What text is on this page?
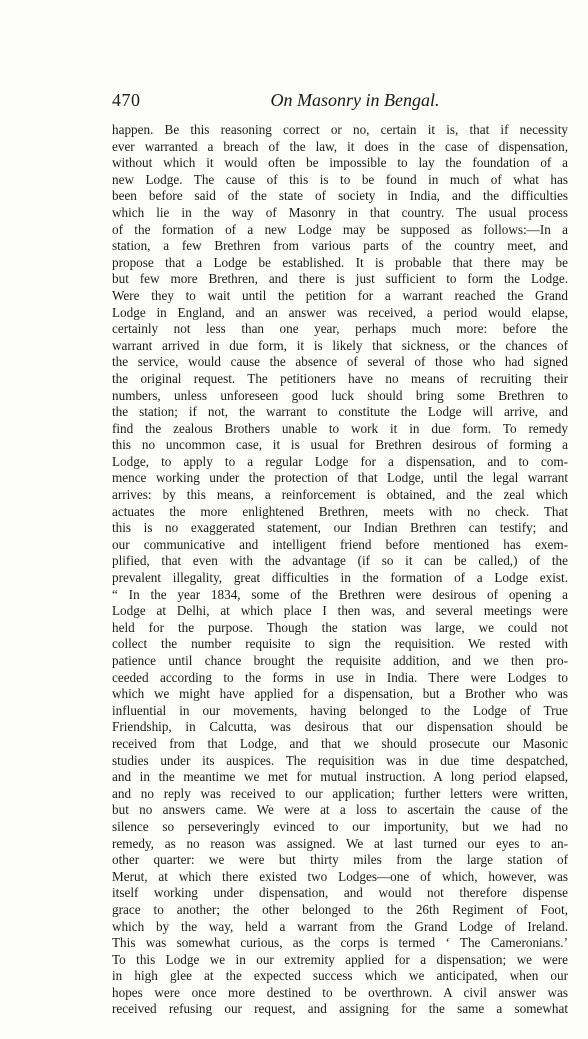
470	On Masonry in Bengal.
happen. Be this reasoning correct or no, certain it is, that if necessity
ever warranted a breach of the law, it does in the case of dispensation,
without which it would often be impossible to lay the foundation of a
new Lodge. The cause of this is to be found in much of what has
been before said of the state of society in India, and the difficulties
which lie in the way of Masonry in that country. The usual process
of the formation of a new Lodge may be supposed as follows:—In a
station, a few Brethren from various parts of the country meet, and
propose that a Lodge be established. It is probable that there may be
but few more Brethren, and there is just sufficient to form the Lodge.
Were they to wait until the petition for a warrant reached the Grand
Lodge in England, and an answer was received, a period would elapse,
certainly not less than one year, perhaps much more: before the
warrant arrived in due form, it is likely that sickness, or the chances of
the service, would cause the absence of several of those who had signed
the original request. The petitioners have no means of recruiting their
numbers, unless unforeseen good luck should bring some Brethren to
the station; if not, the warrant to constitute the Lodge will arrive, and
find the zealous Brothers unable to work it in due form. To remedy
this no uncommon case, it is usual for Brethren desirous of forming a
Lodge, to apply to a regular Lodge for a dispensation, and to com-
mence working under the protection of that Lodge, until the legal warrant
arrives: by this means, a reinforcement is obtained, and the zeal which
actuates the more enlightened Brethren, meets with no check. That
this is no exaggerated statement, our Indian Brethren can testify; and
our communicative and intelligent friend before mentioned has exem-
plified, that even with the advantage (if so it can be called,) of the
prevalent illegality, great difficulties in the formation of a Lodge exist.
“ In the year 1834, some of the Brethren were desirous of opening a
Lodge at Delhi, at which place I then was, and several meetings were
held for the purpose. Though the station was large, we could not
collect the number requisite to sign the requisition. We rested with
patience until chance brought the requisite addition, and we then pro-
ceeded according to the forms in use in India. There were Lodges to
which we might have applied for a dispensation, but a Brother who was
influential in our movements, having belonged to the Lodge of True
Friendship, in Calcutta, was desirous that our dispensation should be
received from that Lodge, and that we should prosecute our Masonic
studies under its auspices. The requisition was in due time despatched,
and in the meantime we met for mutual instruction. A long period elapsed,
and no reply was received to our application; further letters were written,
but no answers came. We were at a loss to ascertain the cause of the
silence so perseveringly evinced to our importunity, but we had no
remedy, as no reason was assigned. We at last turned our eyes to an-
other quarter: we were but thirty miles from the large station of
Merut, at which there existed two Lodges—one of which, however, was
itself working under dispensation, and would not therefore dispense
grace to another; the other belonged to the 26th Regiment of Foot,
which by the way, held a warrant from the Grand Lodge of Ireland.
This was somewhat curious, as the corps is termed ‘ The Cameronians.’
To this Lodge we in our extremity applied for a dispensation; we were
in high glee at the expected success which we anticipated, when our
hopes were once more destined to be overthrown. A civil answer was
received refusing our request, and assigning for the same a somewhat
